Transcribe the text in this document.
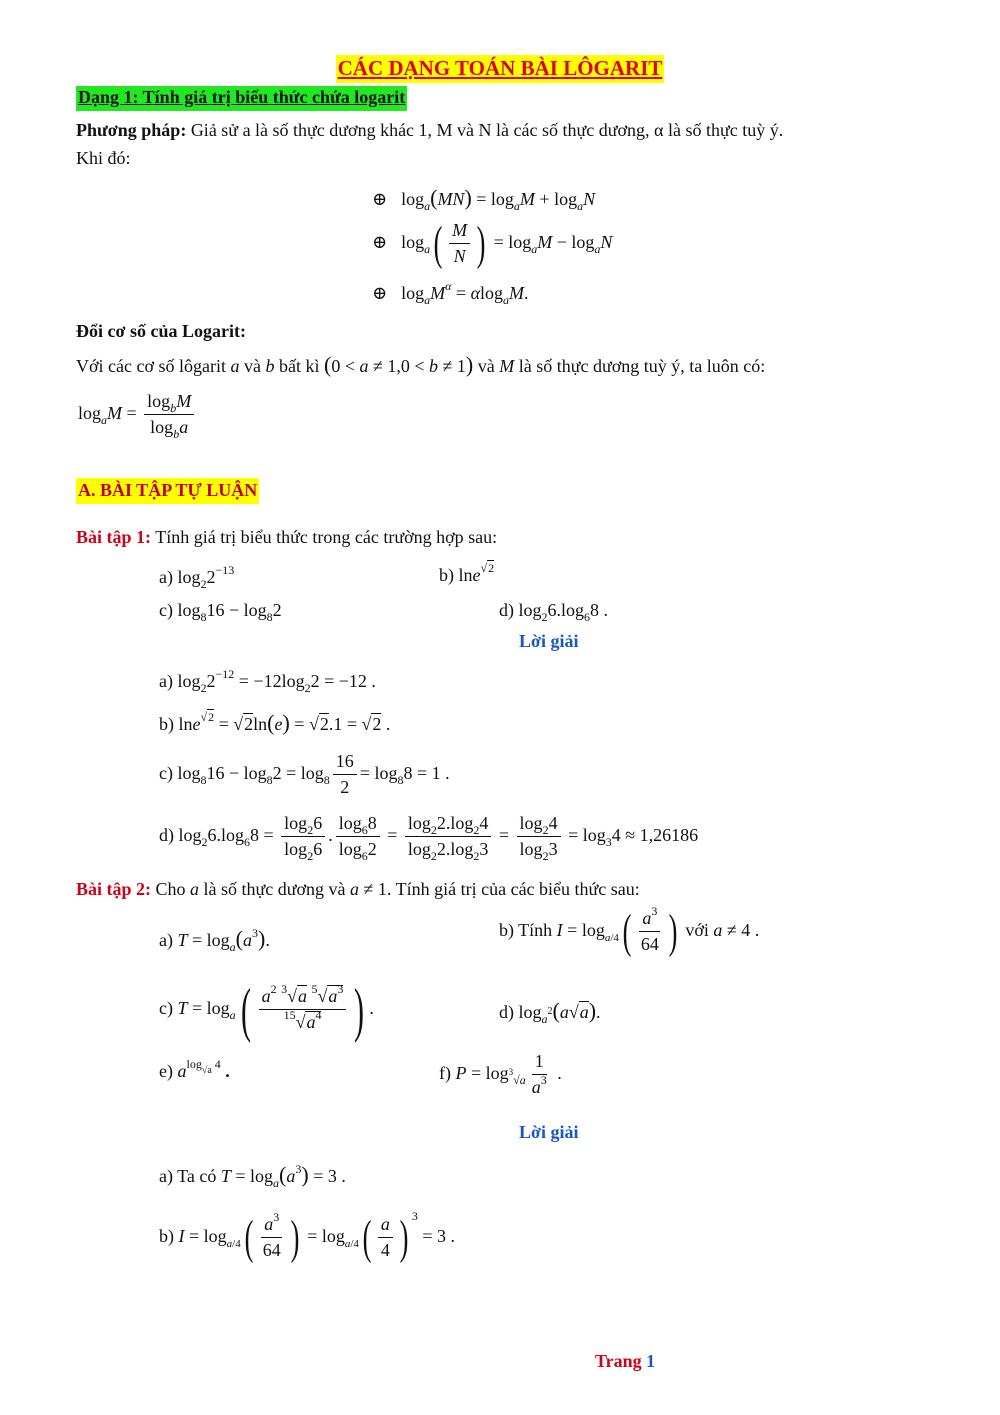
CÁC DẠNG TOÁN BÀI LÔGARIT
Dạng 1: Tính giá trị biểu thức chứa logarit
Phương pháp: Giả sử a là số thực dương khác 1, M và N là các số thực dương, α là số thực tuỳ ý.
Khi đó:
⊕ $\log_a(MN) = \log_aM + \log_aN$
⊕ $\log_a( \frac{M}{N}$ ) = $\log_aM - \log_aN$
⊕ $\log_aM^\alpha = \alpha\log_aM$.
Đổi cơ số của Logarit:
Với các cơ số lôgarit a và b bất kì (0 < a ≠ 1,0 < b ≠ 1) và M là số thực dương tuỳ ý, ta luôn có:
$\log_aM = \frac{\log_bM}{\log_ba}$
A. BÀI TẬP TỰ LUẬN
Bài tập 1: Tính giá trị biểu thức trong các trường hợp sau:
a) $\log_22^{-13}$	b) lne$^{√2}$
c) $\log_816 - \log_82$	d) $\log_26.\log_68$ .
Lời giải
a) $\log_22^{-12} = -12\log_22 = -12$ .
b) lne$^{√2}$ = √2ln(e) = √2.1 = √2 .
c) $\log_816 - \log_82 = \log_8 \frac{16}{2} = \log_88 = 1$ .
d) $\log_26.\log_68 = \frac{\log_26}{\log_26}$ . $\frac{\log_68}{\log_62} = \frac{\log_22.\log_24}{\log_22.\log_23} = \frac{\log_24}{\log_23} = \log_34 \approx 1,26186$
Bài tập 2: Cho a là số thực dương và a ≠ 1. Tính giá trị của các biểu thức sau:
a) $T = \log_a(a^3)$.	b) Tính $I = \log_{a/4}( \frac{a^3}{64}$ ) với a ≠ 4 .
c) $T = \log_a( \frac{a^2 ^3√a ^5√a^3}{^{15}√a^4}$ ) .	d) $\log_{a^2}(a√a)$.
e) $a^{log_{√a} 4}$ .	f) $P = \log_{^3√a} \frac{1}{a^3}$ .
Lời giải
a) Ta có $T = \log_a(a^3) = 3$ .
b) $I = \log_{a/4}( \frac{a^3}{64}$ ) = $\log_{a/4}( \frac{a}{4}$ ) $^3$ = 3 .
Trang 1
